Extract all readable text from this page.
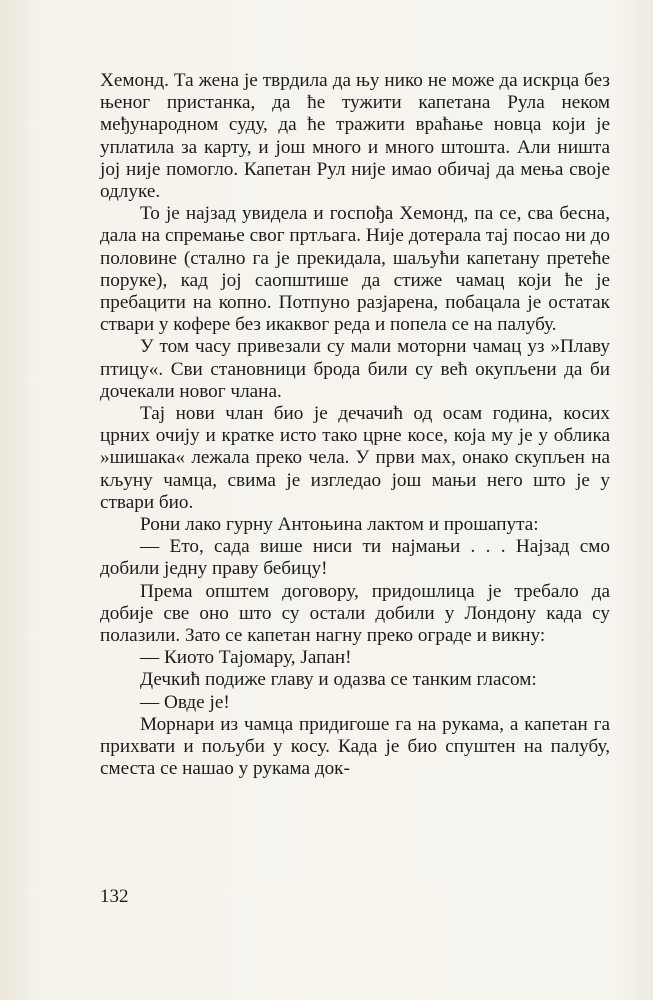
Хемонд. Та жена је тврдила да њу нико не може да искрца без њеног пристанка, да ће тужити капетана Рула неком међународном суду, да ће тражити враћање новца који је уплатила за карту, и још много и много штошта. Али ништа јој није помогло. Капетан Рул није имао обичај да мења своје одлуке.

То је најзад увидела и госпођа Хемонд, па се, сва бесна, дала на спремање свог пртљага. Није дотерала тај посао ни до половине (стално га је прекидала, шаљући капетану претеће поруке), кад јој саопштише да стиже чамац који ће је пребацити на копно. Потпуно разјарена, побацала је остатак ствари у кофере без икаквог реда и попела се на палубу.

У том часу привезали су мали моторни чамац уз »Плаву птицу«. Сви становници брода били су већ окупљени да би дочекали новог члана.

Тај нови члан био је дечачић од осам година, косих црних очију и кратке исто тако црне косе, која му је у облика »шишака« лежала преко чела. У први мах, онако скупљен на кљуну чамца, свима је изгледао још мањи него што је у ствари био.

Рони лако гурну Антоњина лактом и прошапута:

— Ето, сада више ниси ти најмањи . . . Најзад смо добили једну праву бебицу!

Према општем договору, придошлица је требало да добије све оно што су остали добили у Лондону када су полазили. Зато се капетан нагну преко ограде и викну:

— Киото Тајомару, Јапан!

Дечкић подиже главу и одазва се танким гласом:

— Овде је!

Морнари из чамца придигоше га на рукама, а капетан га прихвати и пољуби у косу. Када је био спуштен на палубу, сместа се нашао у рукама док-

132
